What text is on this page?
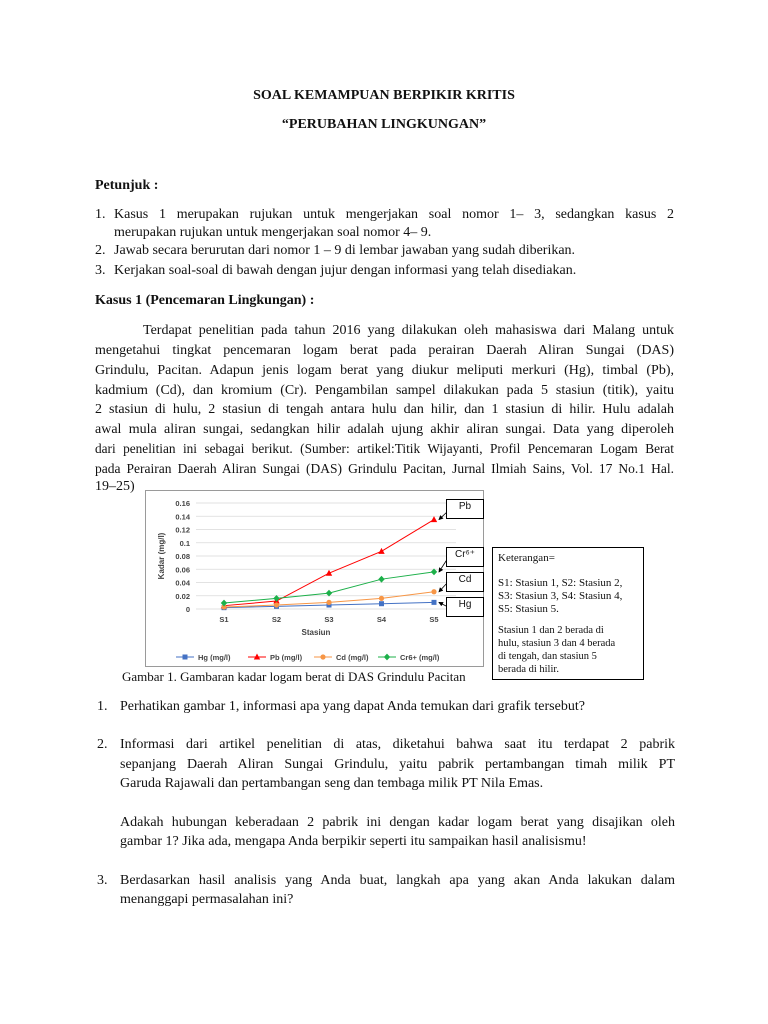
SOAL KEMAMPUAN BERPIKIR KRITIS
“PERUBAHAN LINGKUNGAN”
Petunjuk :
1. Kasus 1 merupakan rujukan untuk mengerjakan soal nomor 1– 3, sedangkan kasus 2
merupakan rujukan untuk mengerjakan soal nomor 4– 9.
2. Jawab secara berurutan dari nomor 1 – 9 di lembar jawaban yang sudah diberikan.
3. Kerjakan soal-soal di bawah dengan jujur dengan informasi yang telah disediakan.
Kasus 1 (Pencemaran Lingkungan) :
Terdapat penelitian pada tahun 2016 yang dilakukan oleh mahasiswa dari Malang untuk
mengetahui tingkat pencemaran logam berat pada perairan Daerah Aliran Sungai (DAS)
Grindulu, Pacitan. Adapun jenis logam berat yang diukur meliputi merkuri (Hg), timbal (Pb),
kadmium (Cd), dan kromium (Cr). Pengambilan sampel dilakukan pada 5 stasiun (titik), yaitu
2 stasiun di hulu, 2 stasiun di tengah antara hulu dan hilir, dan 1 stasiun di hilir. Hulu adalah
awal mula aliran sungai, sedangkan hilir adalah ujung akhir aliran sungai. Data yang diperoleh
dari penelitian ini sebagai berikut. (Sumber: artikel:Titik Wijayanti, Profil Pencemaran Logam Berat
pada Perairan Daerah Aliran Sungai (DAS) Grindulu Pacitan, Jurnal Ilmiah Sains, Vol. 17 No.1 Hal.
19–25)
0
0.02
0.04
0.06
0.08
0.1
0.12
0.14
0.16
S1	S2	S3	S4	S5
Stasiun
Kadar (mg/l)
Hg (mg/l)	Pb (mg/l)	Cd (mg/l)	Cr6+ (mg/l)
Pb
Cr⁶⁺
Cd
Hg
Keterangan=
S1: Stasiun 1, S2: Stasiun 2,
S3: Stasiun 3, S4: Stasiun 4,
S5: Stasiun 5.
Stasiun 1 dan 2 berada di
hulu, stasiun 3 dan 4 berada
di tengah, dan stasiun 5
berada di hilir.
Gambar 1. Gambaran kadar logam berat di DAS Grindulu Pacitan
1. Perhatikan gambar 1, informasi apa yang dapat Anda temukan dari grafik tersebut?
2. Informasi dari artikel penelitian di atas, diketahui bahwa saat itu terdapat 2 pabrik
sepanjang Daerah Aliran Sungai Grindulu, yaitu pabrik pertambangan timah milik PT
Garuda Rajawali dan pertambangan seng dan tembaga milik PT Nila Emas.
Adakah hubungan keberadaan 2 pabrik ini dengan kadar logam berat yang disajikan oleh
gambar 1? Jika ada, mengapa Anda berpikir seperti itu sampaikan hasil analisismu!
3. Berdasarkan hasil analisis yang Anda buat, langkah apa yang akan Anda lakukan dalam
menanggapi permasalahan ini?
